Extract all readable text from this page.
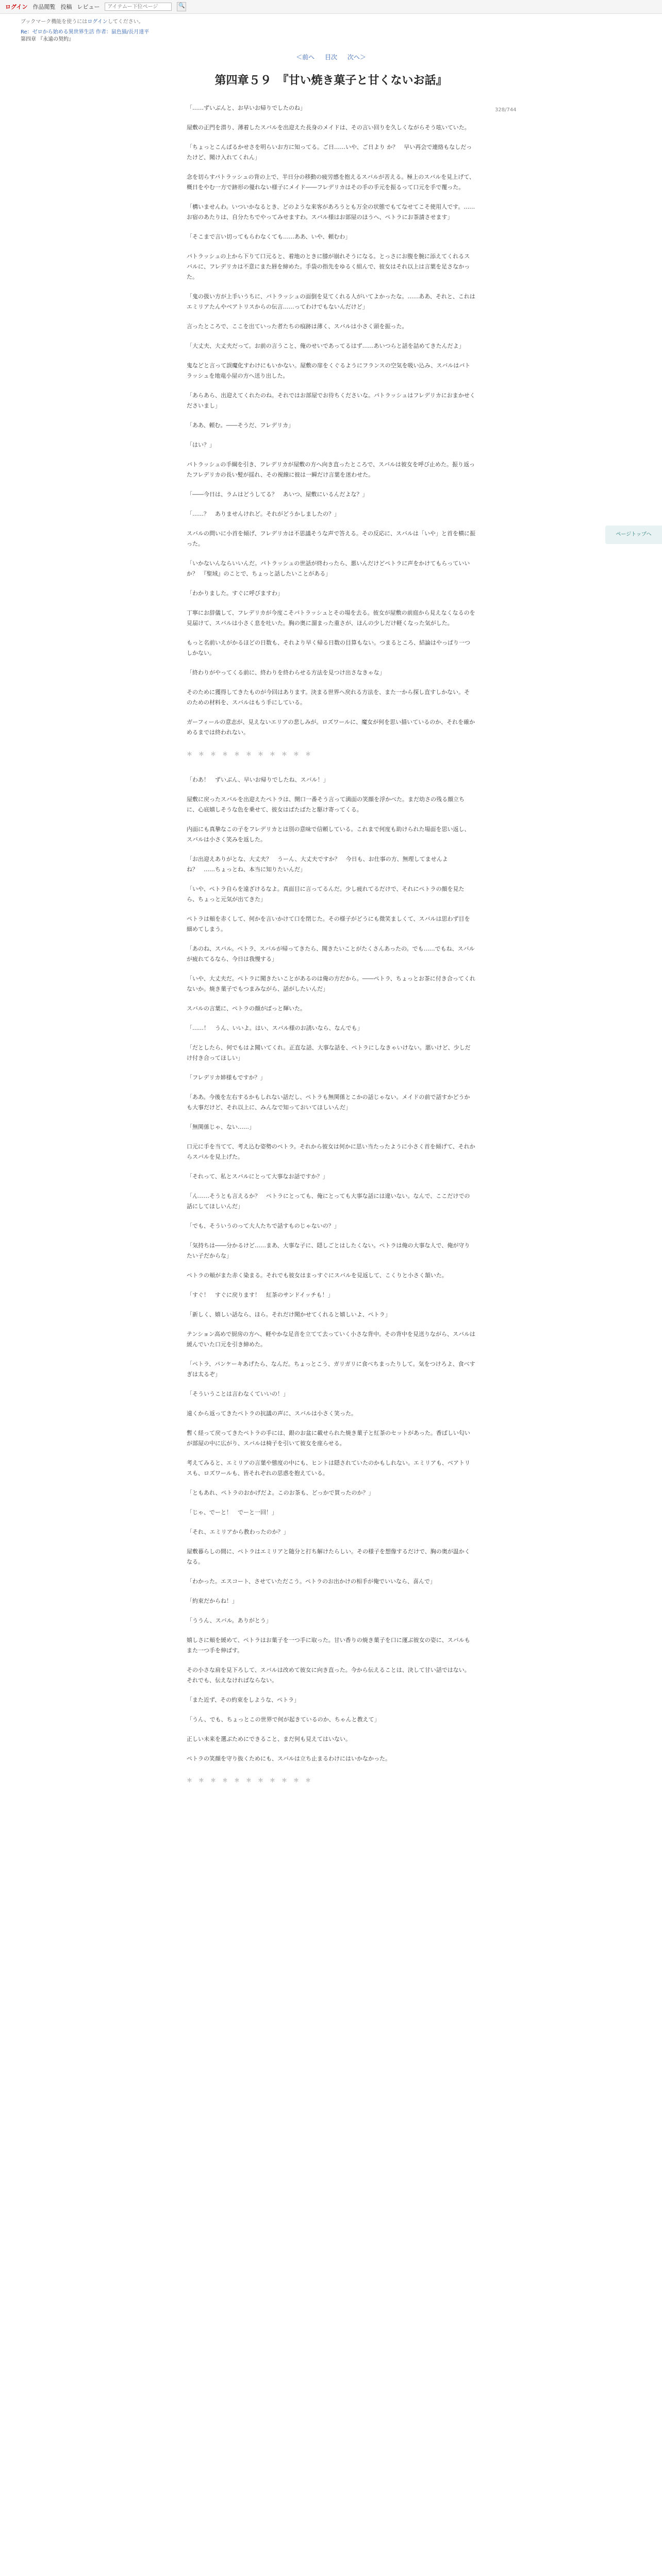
ログイン 作品閲覧 投稿 レビュー
アイテムー下位ページ	🔍
ブックマーク機能を使うにはログインしてください。
Re：ゼロから始める異世界生活 作者：鼠色猫/長月達平
第四章 『永遠の契約』
＜前へ 目次 次へ＞
328/744
第四章５９　『甘い焼き菓子と甘くないお話』

「……ずいぶんと、お早いお帰りでしたのね」

屋敷の正門を潜り、薄着したスバルを出迎えた長身のメイドは、その言い回りを久しくながらそう呟いていた。

「ちょっとこんぱるかせさを明らいお方に知ってる。ご日……いや、ご日より か？　早い再会で連絡もなしだったけど、聞け入れてくれん」

念を切らすパトラッシュの背の上で、半日分の移動の疲労感を抱えるスバルが苦える。極上のスバルを見上げて、概日をやむ一方で跡形の優れない様子にメイド――フレデリカはその手の手元を振るって口元を手で覆った。

「構いませんわ。いついかなるとき、どのような来客があろうとも万全の状態でもてなせてこそ使用人です。……お宿のあたりは、自分たちでやってみせますわ。スバル様はお部屋のほうへ、ペトラにお茶請させます」

「そこまで言い切ってもらわなくても……ああ、いや、頼むわ」

パトラッシュの上から下りて口元ると、着地のときに膝が崩れそうになる。とっさにお腹を腕に添えてくれるスバルに、フレデリカは不意にまた唇を締めた。手袋の指先をゆるく組んで、彼女はそれ以上は言葉を足さなかった。

「鬼の扱い方が上手いうちに、パトラッシュの面倒を見てくれる人がいてよかったな。……ああ、それと、これはエミリアたんやベアトリスからの伝言……ってわけでもないんだけど」

言ったところで、ここを出ていった者たちの痕跡は薄く、スバルは小さく頭を振った。

「大丈夫、大丈夫だって。お前の言うこと、俺のせいであってるはず……あいつらと話を詰めてきたんだよ」

鬼などと言って誤魔化すわけにもいかない。屋敷の扉をくぐるようにフランスの空気を吸い込み、スバルはパトラッシュを地竜小屋の方へ送り出した。

「あらあら、出迎えてくれたのね。それではお部屋でお待ちくださいな。パトラッシュはフレデリカにおまかせくださいまし」

「ああ、頼む。――そうだ、フレデリカ」

「はい？」

パトラッシュの手綱を引き、フレデリカが屋敷の方へ向き直ったところで、スバルは彼女を呼び止めた。振り返ったフレデリカの長い髪が揺れ、その視線に彼は一瞬だけ言葉を迷わせた。

「――今日は、ラムはどうしてる？　あいつ、屋敷にいるんだよな？」

「……？　ありませんけれど。それがどうかしましたの？」

スバルの問いに小首を傾げ、フレデリカは不思議そうな声で答える。その反応に、スバルは「いや」と首を横に振った。

「いかないんならいいんだ。パトラッシュの世話が終わったら、悪いんだけどペトラに声をかけてもらっていいか？　『聖域』のことで、ちょっと話したいことがある」

「わかりました。すぐに呼びますわ」

丁寧にお辞儀して、フレデリカが今度こそパトラッシュとその場を去る。彼女が屋敷の前庭から見えなくなるのを見届けて、スバルは小さく息を吐いた。胸の奥に溜まった重さが、ほんの少しだけ軽くなった気がした。

もっと名前いえがかるほどの日数も、それより早く帰る日数の目算もない。つまるところ、結論はやっぱり一つしかない。

「終わりがやってくる前に、終わりを終わらせる方法を見つけ出さなきゃな」

そのために獲得してきたものが今回はあります。決まる世界へ戻れる方法を、また一から探し直すしかない。そのための材料を、スバルはもう手にしている。

ガーフィールの意志が、見えないエリアの悲しみが。ロズワールに、魔女が何を思い描いているのか、それを確かめるまでは終われない。

＊＊＊＊＊＊＊＊＊＊＊

「わあ！　ずいぶん、早いお帰りでしたね、スバル！」

屋敷に戻ったスバルを出迎えたペトラは、開口一番そう言って満面の笑顔を浮かべた。まだ幼さの残る顔立ちに、心底嬉しそうな色を乗せて、彼女はぱたぱたと駆け寄ってくる。

内面にも真摯なこの子をフレデリカとは別の意味で信頼している。これまで何度も助けられた場面を思い返し、スバルは小さく笑みを返した。

「お出迎えありがとな、大丈夫？　うーん、大丈夫ですか？　今日も、お仕事の方、無理してませんよね？　……ちょっとね、本当に知りたいんだ」

「いや、ペトラ自らを遠ざけるなよ。真面目に言ってるんだ。少し疲れてるだけで、それにペトラの顔を見たら、ちょっと元気が出てきた」

ペトラは頬を赤くして、何かを言いかけて口を閉じた。その様子がどうにも微笑ましくて、スバルは思わず目を細めてしまう。

「あのね、スバル。ペトラ、スバルが帰ってきたら、聞きたいことがたくさんあったの。でも……でもね、スバルが疲れてるなら、今日は我慢する」

「いや、大丈夫だ。ペトラに聞きたいことがあるのは俺の方だから。――ペトラ、ちょっとお茶に付き合ってくれないか。焼き菓子でもつまみながら、話がしたいんだ」

スバルの言葉に、ペトラの顔がぱっと輝いた。

「……！　うん、いいよ。はい、スバル様のお誘いなら、なんでも」

「だとしたら、何でもはよ聞いてくれ。正直な話、大事な話を、ペトラにしなきゃいけない。悪いけど、少しだけ付き合ってほしい」

「フレデリカ姉様もですか？」

「ああ。今後を左右するかもしれない話だし、ペトラも無関係とこかの話じゃない。メイドの前で話すかどうかも大事だけど、それ以上に、みんなで知っておいてほしいんだ」

「無関係じゃ、ない……」

口元に手を当てて、考え込む姿勢のペトラ。それから彼女は何かに思い当たったように小さく首を傾げて、それからスバルを見上げた。

「それって、私とスバルにとって大事なお話ですか？」

「ん……そうとも言えるか？　ペトラにとっても、俺にとっても大事な話には違いない。なんで、ここだけでの話にしてほしいんだ」

「でも、そういうのって大人たちで話すものじゃないの？」

「気持ちは――分かるけど……まあ、大事な子に、隠しごとはしたくない。ペトラは俺の大事な人で、俺が守りたい子だからな」

ペトラの頬がまた赤く染まる。それでも彼女はまっすぐにスバルを見返して、こくりと小さく頷いた。

「すぐ！　すぐに戻ります！　紅茶のサンドイッチも！」

「新しく、嬉しい話なら、ほら。それだけ聞かせてくれると嬉しいよ、ペトラ」

テンション高めで厨房の方へ、軽やかな足音を立てて去っていく小さな背中。その背中を見送りながら、スバルは緩んでいた口元を引き締めた。

「ペトラ、パンケーキあげたら、なんだ。ちょっとこう、ガリガリに食べちまったりして。気をつけろよ、食べすぎは太るぞ」

「そういうことは言わなくていいの！」

遠くから返ってきたペトラの抗議の声に、スバルは小さく笑った。

暫く経って戻ってきたペトラの手には、銀のお盆に載せられた焼き菓子と紅茶のセットがあった。香ばしい匂いが部屋の中に広がり、スバルは椅子を引いて彼女を座らせる。

考えてみると、エミリアの言葉や態度の中にも、ヒントは隠されていたのかもしれない。エミリアも、ベアトリスも、ロズワールも、皆それぞれの思惑を抱えている。

「ともあれ、ペトラのおかげだよ。このお茶も、どっかで買ったのか？」

「じゃ、でーと！　でーと一回！」

「それ、エミリアから教わったのか？」

屋敷暮らしの間に、ペトラはエミリアと随分と打ち解けたらしい。その様子を想像するだけで、胸の奥が温かくなる。

「わかった。エスコート、させていただこう。ペトラのお出かけの相手が俺でいいなら、喜んで」

「約束だからね！」

「ううん、スバル。ありがとう」

嬉しさに頬を緩めて、ペトラはお菓子を一つ手に取った。甘い香りの焼き菓子を口に運ぶ彼女の姿に、スバルもまた一つ手を伸ばす。

その小さな肩を見下ろして、スバルは改めて彼女に向き直った。今から伝えることは、決して甘い話ではない。それでも、伝えなければならない。

「また近ず、その約束をしような、ペトラ」

「うん、でも、ちょっとこの世界で何が起きているのか、ちゃんと教えて」

正しい未来を選ぶためにできること、まだ何も見えてはいない。

ペトラの笑顔を守り抜くためにも、スバルは立ち止まるわけにはいかなかった。

＊＊＊＊＊＊＊＊＊＊＊
ページトップへ
